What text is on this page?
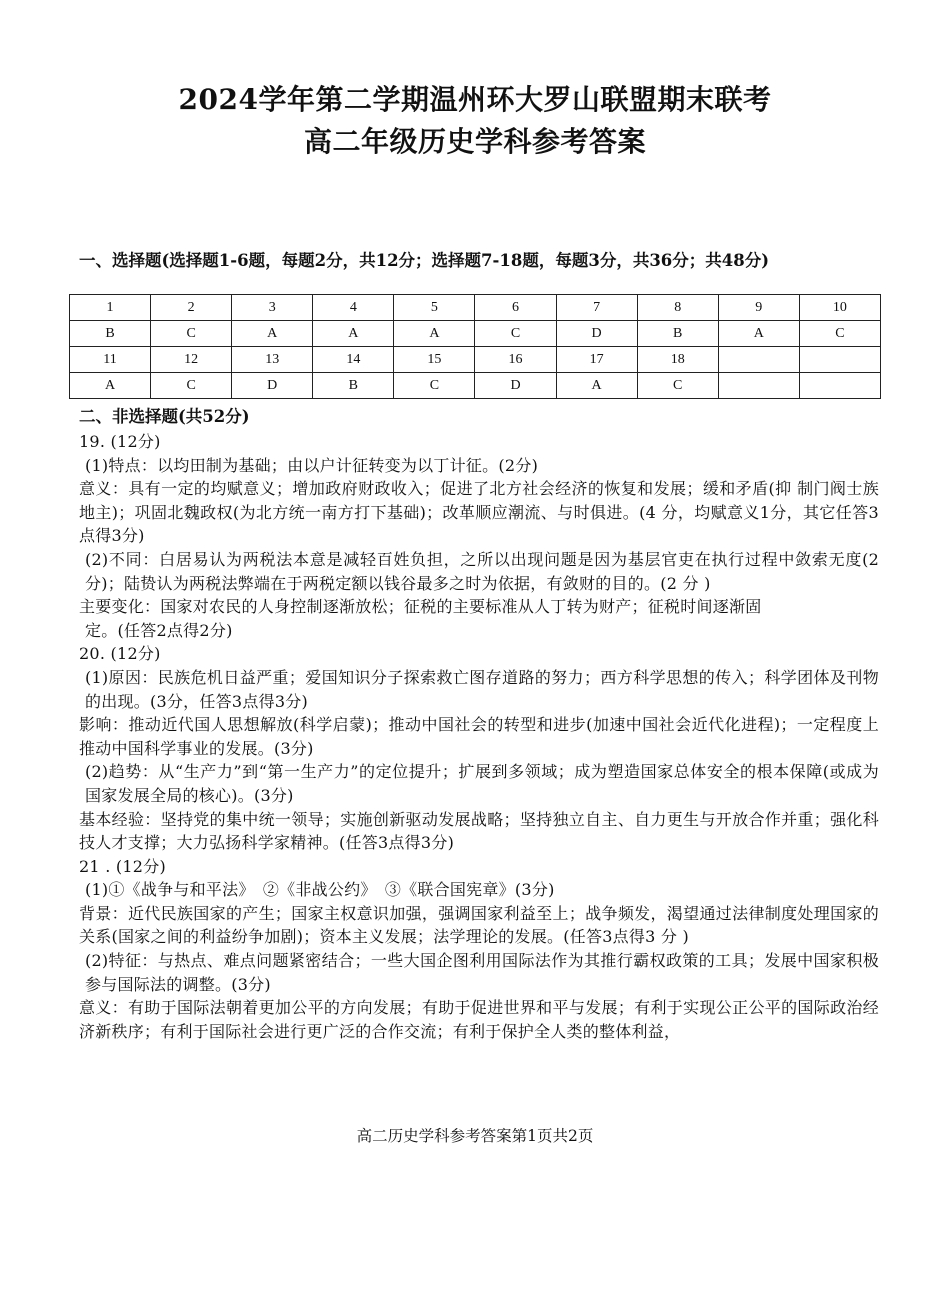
2024学年第二学期温州环大罗山联盟期末联考
高二年级历史学科参考答案
一、选择题(选择题1-6题，每题2分，共12分；选择题7-18题，每题3分，共36分；共48分)
1	2	3	4	5	6	7	8	9	10
B	C	A	A	A	C	D	B	A	C
11	12	13	14	15	16	17	18		
A	C	D	B	C	D	A	C		
二、非选择题(共52分)

19. (12分)

(1)特点：以均田制为基础；由以户计征转变为以丁计征。(2分)

意义：具有一定的均赋意义；增加政府财政收入；促进了北方社会经济的恢复和发展；缓和矛盾(抑 制门阀士族地主)；巩固北魏政权(为北方统一南方打下基础)；改革顺应潮流、与时俱进。(4 分，均赋意义1分，其它任答3点得3分)

(2)不同：白居易认为两税法本意是减轻百姓负担，之所以出现问题是因为基层官吏在执行过程中敛索无度(2分)；陆贽认为两税法弊端在于两税定额以钱谷最多之时为依据，有敛财的目的。(2 分 )

主要变化：国家对农民的人身控制逐渐放松；征税的主要标准从人丁转为财产；征税时间逐渐固

定。(任答2点得2分)

20. (12分)

(1)原因：民族危机日益严重；爱国知识分子探索救亡图存道路的努力；西方科学思想的传入；科学团体及刊物的出现。(3分，任答3点得3分)

影响：推动近代国人思想解放(科学启蒙)；推动中国社会的转型和进步(加速中国社会近代化进程)；一定程度上推动中国科学事业的发展。(3分)

(2)趋势：从“生产力”到“第一生产力”的定位提升；扩展到多领域；成为塑造国家总体安全的根本保障(或成为国家发展全局的核心)。(3分)

基本经验：坚持党的集中统一领导；实施创新驱动发展战略；坚持独立自主、自力更生与开放合作并重；强化科技人才支撑；大力弘扬科学家精神。(任答3点得3分)

21 . (12分)

(1)①《战争与和平法》　②《非战公约》　③《联合国宪章》(3分)

背景：近代民族国家的产生；国家主权意识加强，强调国家利益至上；战争频发，渴望通过法律制度处理国家的关系(国家之间的利益纷争加剧)；资本主义发展；法学理论的发展。(任答3点得3 分 )

(2)特征：与热点、难点问题紧密结合；一些大国企图利用国际法作为其推行霸权政策的工具；发展中国家积极参与国际法的调整。(3分)

意义：有助于国际法朝着更加公平的方向发展；有助于促进世界和平与发展；有利于实现公正公平的国际政治经济新秩序；有利于国际社会进行更广泛的合作交流；有利于保护全人类的整体利益，

高二历史学科参考答案第1页共2页
